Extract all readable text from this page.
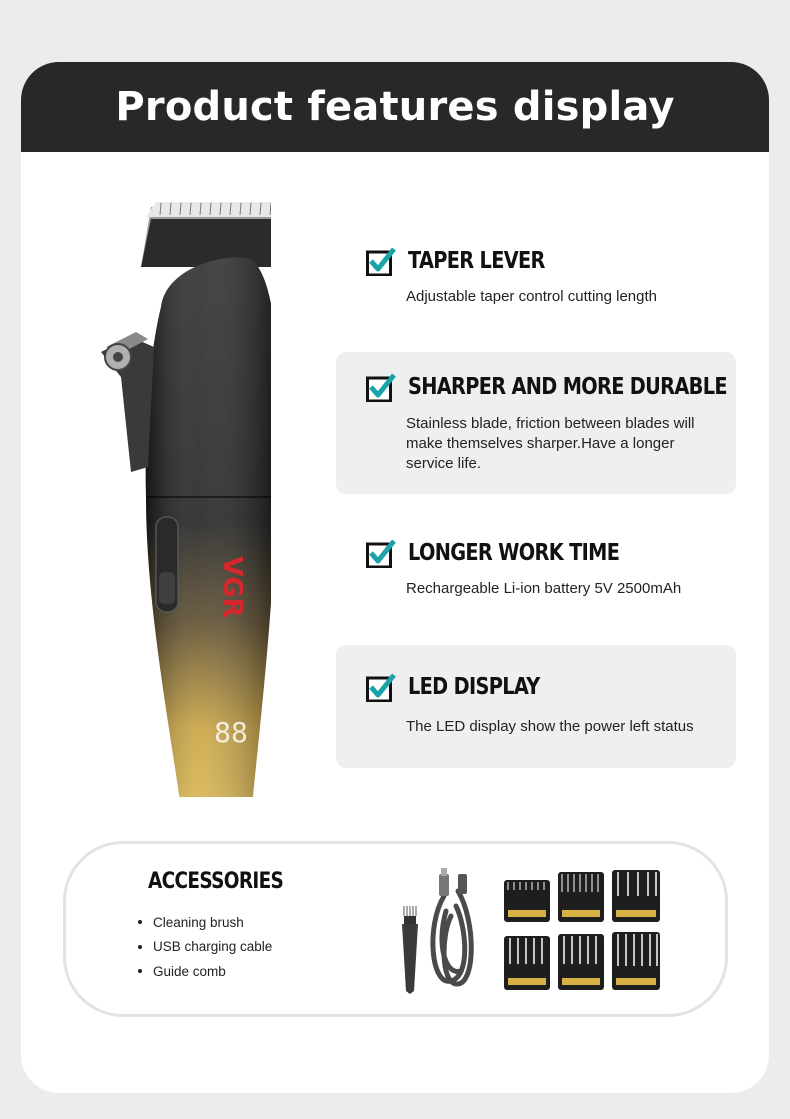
Product features display
VGR
88
TAPER LEVER
Adjustable taper control cutting length
SHARPER AND MORE DURABLE
Stainless blade, friction between blades will make themselves sharper.Have a longer service life.
LONGER WORK TIME
Rechargeable Li-ion battery 5V 2500mAh
LED DISPLAY
The LED display show the power left status
ACCESSORIES
Cleaning brush
USB charging cable
Guide comb
